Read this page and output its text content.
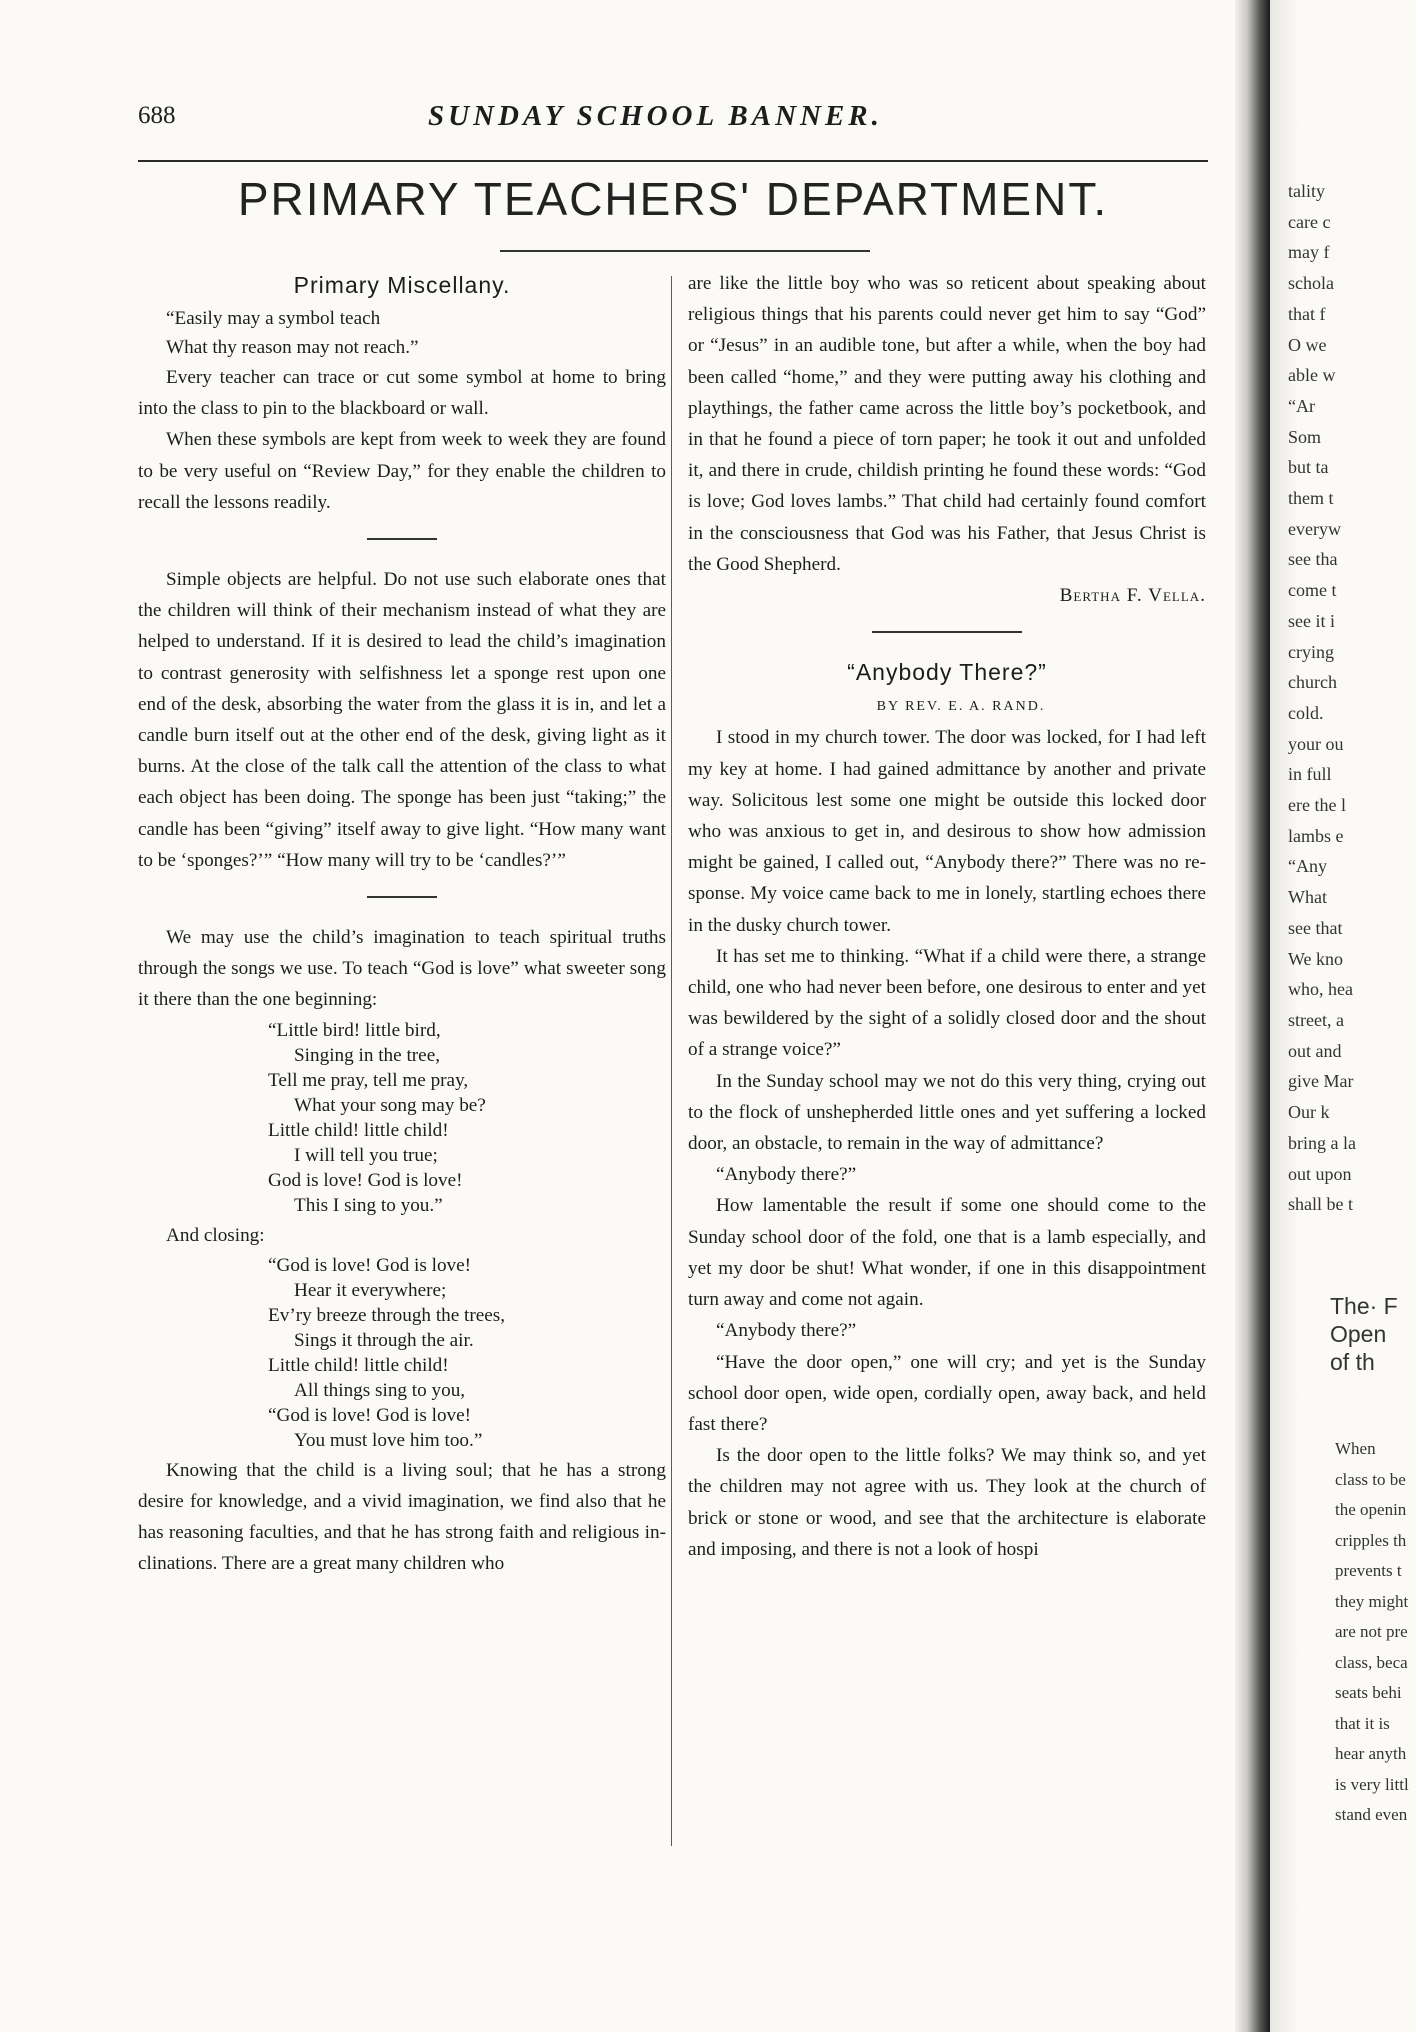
688	SUNDAY SCHOOL BANNER.
PRIMARY TEACHERS' DEPARTMENT.
Primary Miscellany.

“Easily may a symbol teach
What thy reason may not reach.”

Every teacher can trace or cut some symbol at home to bring into the class to pin to the blackboard or wall.

When these symbols are kept from week to week they are found to be very useful on “Review Day,” for they enable the children to recall the lessons readily.

Simple objects are helpful. Do not use such elaborate ones that the children will think of their mechanism instead of what they are helped to understand. If it is desired to lead the child’s imagination to contrast generosity with selfishness let a sponge rest upon one end of the desk, absorbing the water from the glass it is in, and let a candle burn itself out at the other end of the desk, giving light as it burns. At the close of the talk call the attention of the class to what each object has been doing. The sponge has been just “taking;” the candle has been “giving” itself away to give light. “How many want to be ‘sponges?’” “How many will try to be ‘candles?’”

We may use the child’s imagination to teach spiritual truths through the songs we use. To teach “God is love” what sweeter song it there than the one beginning:

“Little bird! little bird,
Singing in the tree,
Tell me pray, tell me pray,
What your song may be?
Little child! little child!
I will tell you true;
God is love! God is love!
This I sing to you.”

And closing:

“God is love! God is love!
Hear it everywhere;
Ev’ry breeze through the trees,
Sings it through the air.
Little child! little child!
All things sing to you,
“God is love! God is love!
You must love him too.”

Knowing that the child is a living soul; that he has a strong desire for knowledge, and a vivid imagination, we find also that he has reasoning faculties, and that he has strong faith and religious inclinations. There are a great many children who

are like the little boy who was so reticent about speaking about religious things that his parents could never get him to say “God” or “Jesus” in an audible tone, but after a while, when the boy had been called “home,” and they were putting away his clothing and playthings, the father came across the little boy’s pocketbook, and in that he found a piece of torn paper; he took it out and unfolded it, and there in crude, childish printing he found these words: “God is love; God loves lambs.” That child had certainly found comfort in the consciousness that God was his Father, that Jesus Christ is the Good Shepherd.

Bertha F. Vella.

“Anybody There?”

BY REV. E. A. RAND.

I stood in my church tower. The door was locked, for I had left my key at home. I had gained admittance by another and private way. Solicitous lest some one might be outside this locked door who was anxious to get in, and desirous to show how admission might be gained, I called out, “Anybody there?” There was no response. My voice came back to me in lonely, startling echoes there in the dusky church tower.

It has set me to thinking. “What if a child were there, a strange child, one who had never been before, one desirous to enter and yet was bewildered by the sight of a solidly closed door and the shout of a strange voice?”

In the Sunday school may we not do this very thing, crying out to the flock of unshepherded little ones and yet suffering a locked door, an obstacle, to remain in the way of admittance?

“Anybody there?”

How lamentable the result if some one should come to the Sunday school door of the fold, one that is a lamb especially, and yet my door be shut! What wonder, if one in this disappointment turn away and come not again.

“Anybody there?”

“Have the door open,” one will cry; and yet is the Sunday school door open, wide open, cordially open, away back, and held fast there?

Is the door open to the little folks? We may think so, and yet the children may not agree with us. They look at the church of brick or stone or wood, and see that the architecture is elaborate and imposing, and there is not a look of hospi

tality
care c
may f
schola
that f
O we
able w
“Ar
Som
but ta
them t
everyw
see tha
come t
see it i
crying
church
cold.
your ou
in full
ere the l
lambs e
“Any
What
see that
We kno
who, hea
street, a
out and
give Mar
Our k
bring a la
out upon
shall be t
The· F
Open
of th
When
class to be
the openin
cripples th
prevents t
they might
are not pre
class, beca
seats behi
that it is
hear anyth
is very littl
stand even
